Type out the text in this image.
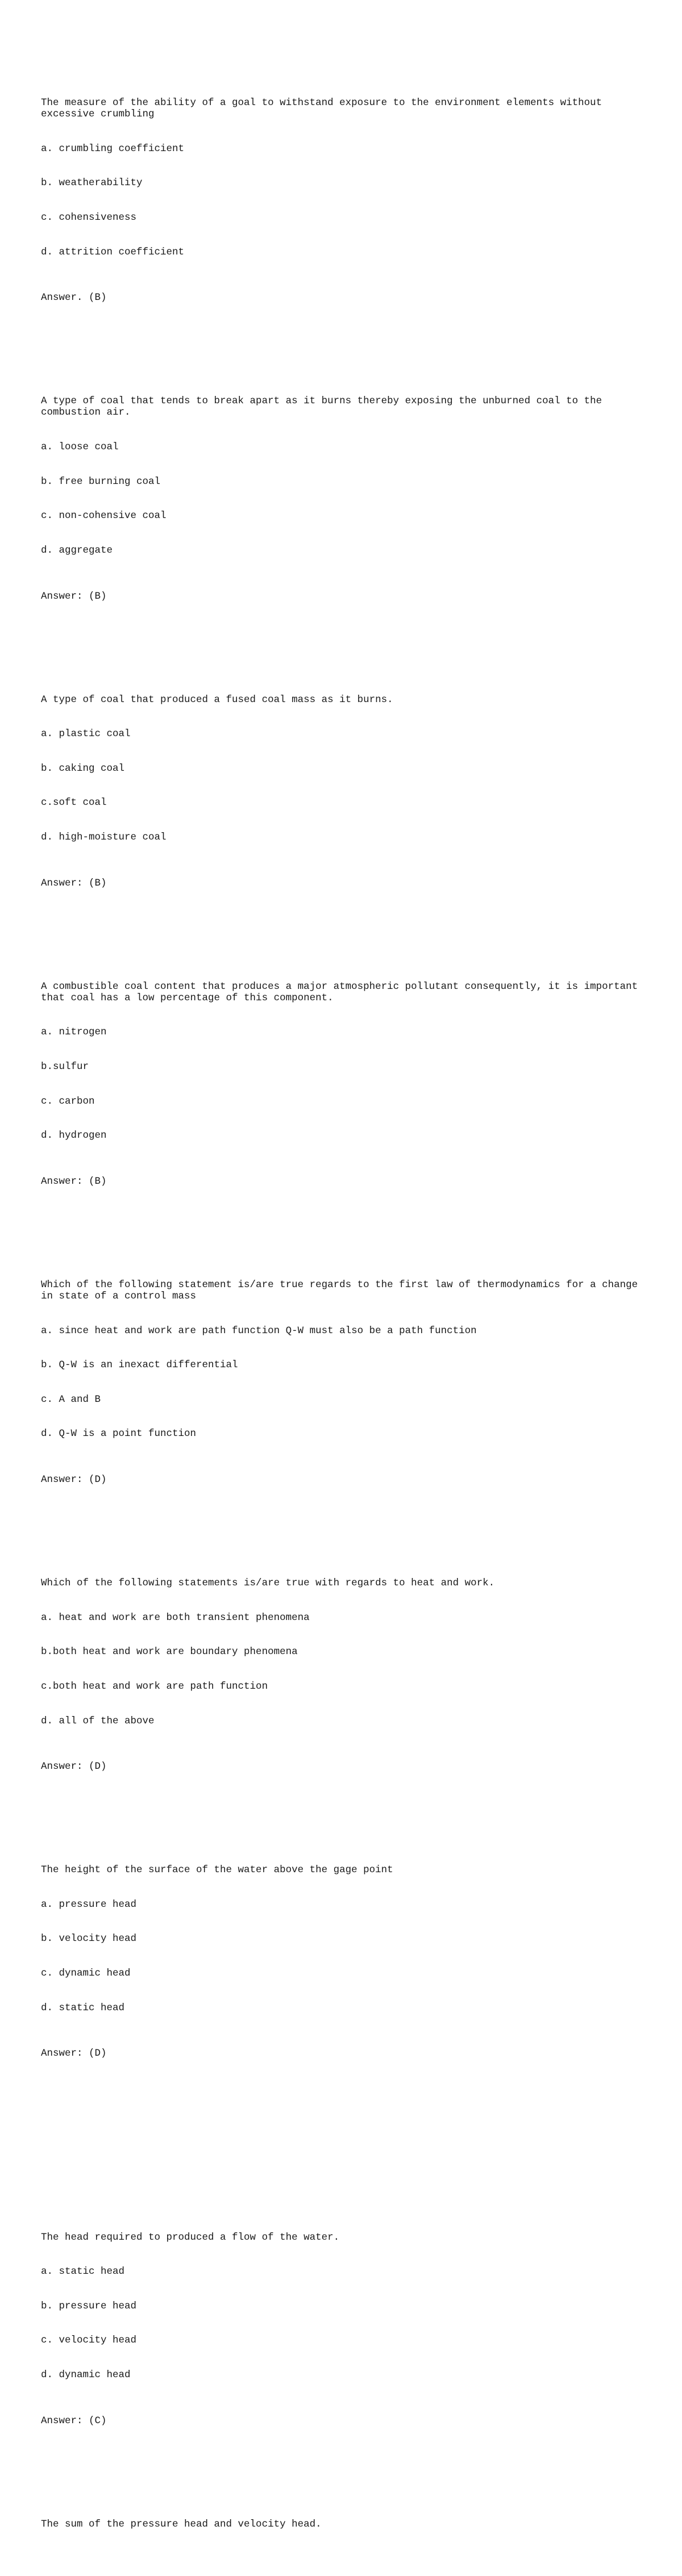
The measure of the ability of a goal to withstand exposure to the environment elements without
excessive crumbling

a. crumbling coefficient

b. weatherability

c. cohensiveness

d. attrition coefficient

Answer. (B)

A type of coal that tends to break apart as it burns thereby exposing the unburned coal to the
combustion air.

a. loose coal

b. free burning coal

c. non-cohensive coal

d. aggregate

Answer: (B)

A type of coal that produced a fused coal mass as it burns.

a. plastic coal

b. caking coal

c.soft coal

d. high-moisture coal

Answer: (B)

A combustible coal content that produces a major atmospheric pollutant consequently, it is important
that coal has a low percentage of this component.

a. nitrogen

b.sulfur

c. carbon

d. hydrogen

Answer: (B)

Which of the following statement is/are true regards to the first law of thermodynamics for a change
in state of a control mass

a. since heat and work are path function Q-W must also be a path function

b. Q-W is an inexact differential

c. A and B

d. Q-W is a point function

Answer: (D)

Which of the following statements is/are true with regards to heat and work.

a. heat and work are both transient phenomena

b.both heat and work are boundary phenomena

c.both heat and work are path function

d. all of the above

Answer: (D)

The height of the surface of the water above the gage point

a. pressure head

b. velocity head

c. dynamic head

d. static head

Answer: (D)

The head required to produced a flow of the water.

a. static head

b. pressure head

c. velocity head

d. dynamic head

Answer: (C)

The sum of the pressure head and velocity head.
